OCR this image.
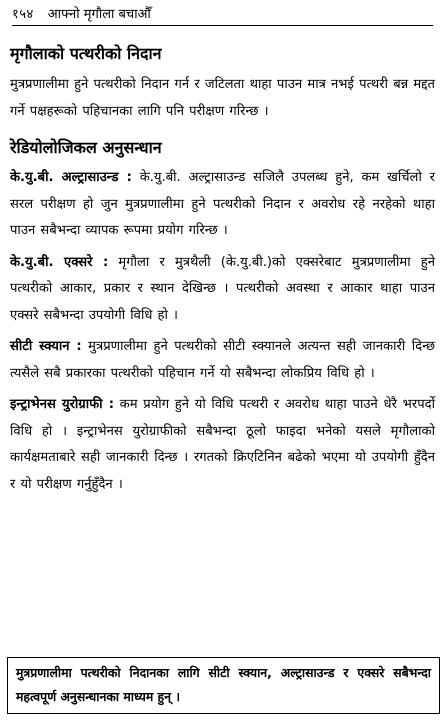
१५४ आफ्नो मृगौला बचाऔँ
मृगौलाको पत्थरीको निदान

मुत्रप्रणालीमा हुने पत्थरीको निदान गर्न र जटिलता थाहा पाउन मात्र नभई पत्थरी बन्न मद्दत गर्ने पक्षहरूको पहिचानका लागि पनि परीक्षण गरिन्छ ।

रेडियोलोजिकल अनुसन्धान

के.यु.बी. अल्ट्रासाउन्ड : के.यु.बी. अल्ट्रासाउन्ड सजिलै उपलब्ध हुने, कम खर्चिलो र सरल परीक्षण हो जुन मुत्रप्रणालीमा हुने पत्थरीको निदान र अवरोध रहे नरहेको थाहा पाउन सबैभन्दा व्यापक रूपमा प्रयोग गरिन्छ ।

के.यु.बी. एक्सरे : मृगौला र मुत्रथैली (के.यु.बी.)को एक्सरेबाट मुत्रप्रणालीमा हुने पत्थरीको आकार, प्रकार र स्थान देखिन्छ । पत्थरीको अवस्था र आकार थाहा पाउन एक्सरे सबैभन्दा उपयोगी विधि हो ।

सीटी स्क्यान : मुत्रप्रणालीमा हुने पत्थरीको सीटी स्क्यानले अत्यन्त सही जानकारी दिन्छ त्यसैले सबै प्रकारका पत्थरीको पहिचान गर्ने यो सबैभन्दा लोकप्रिय विधि हो ।

इन्ट्राभेनस युरोग्राफी : कम प्रयोग हुने यो विधि पत्थरी र अवरोध थाहा पाउने धेरै भरपर्दो विधि हो । इन्ट्राभेनस युरोग्राफीको सबैभन्दा ठूलो फाइदा भनेको यसले मृगौलाको कार्यक्षमताबारे सही जानकारी दिन्छ । रगतको क्रिएटिनिन बढेको भएमा यो उपयोगी हुँदैन र यो परीक्षण गर्नुहुँदैन ।

मुत्रप्रणालीमा पत्थरीको निदानका लागि सीटी स्क्यान, अल्ट्रासाउन्ड र एक्सरे सबैभन्दा महत्वपूर्ण अनुसन्धानका माध्यम हुन् ।
